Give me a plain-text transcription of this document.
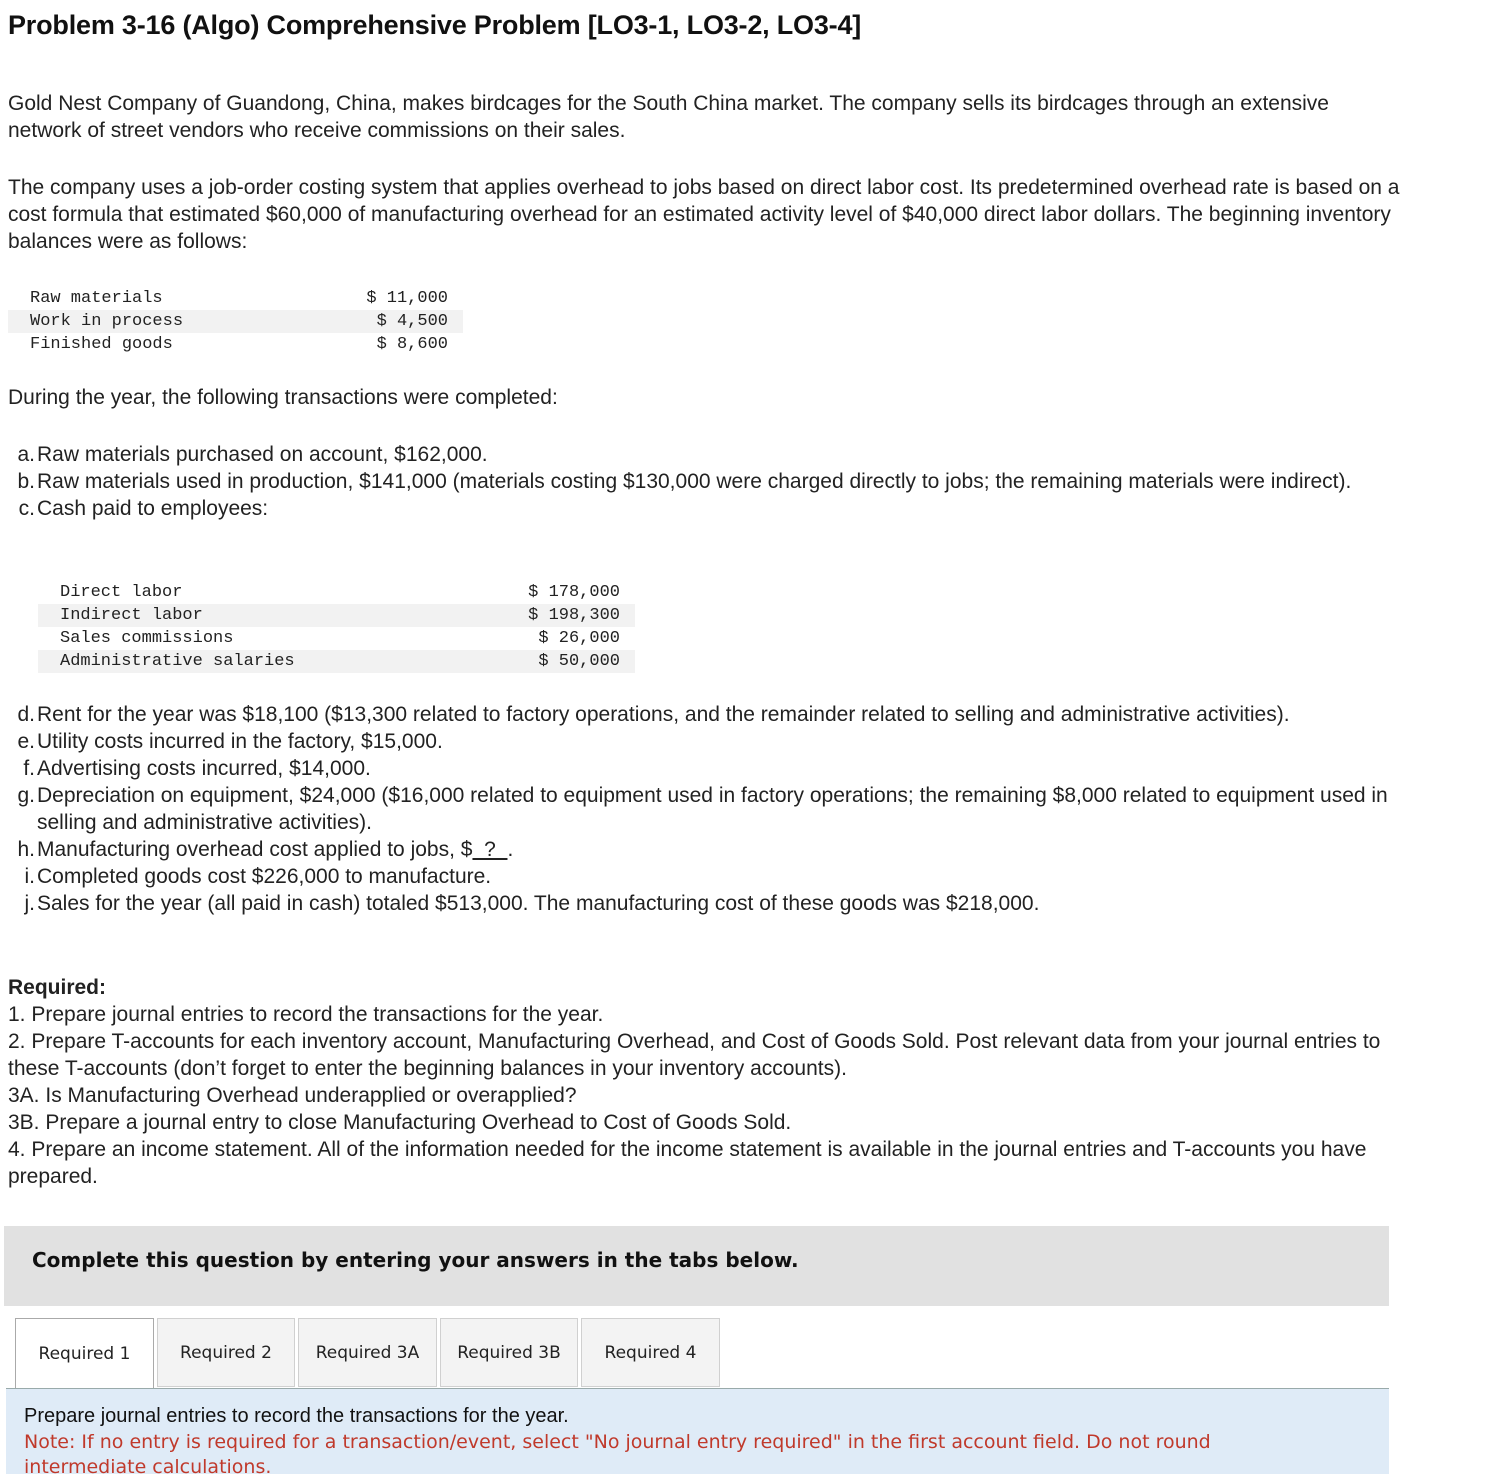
Problem 3-16 (Algo) Comprehensive Problem [LO3-1, LO3-2, LO3-4]

Gold Nest Company of Guandong, China, makes birdcages for the South China market. The company sells its birdcages through an extensive network of street vendors who receive commissions on their sales.

The company uses a job-order costing system that applies overhead to jobs based on direct labor cost. Its predetermined overhead rate is based on a cost formula that estimated $60,000 of manufacturing overhead for an estimated activity level of $40,000 direct labor dollars. The beginning inventory balances were as follows:

Raw materials	$ 11,000
Work in process	$ 4,500
Finished goods	$ 8,600

During the year, the following transactions were completed:

a. Raw materials purchased on account, $162,000.
b. Raw materials used in production, $141,000 (materials costing $130,000 were charged directly to jobs; the remaining materials were indirect).
c. Cash paid to employees:
Direct labor	$ 178,000
Indirect labor	$ 198,300
Sales commissions	$ 26,000
Administrative salaries	$ 50,000
d. Rent for the year was $18,100 ($13,300 related to factory operations, and the remainder related to selling and administrative activities).
e. Utility costs incurred in the factory, $15,000.
f. Advertising costs incurred, $14,000.
g. Depreciation on equipment, $24,000 ($16,000 related to equipment used in factory operations; the remaining $8,000 related to equipment used in selling and administrative activities).
h. Manufacturing overhead cost applied to jobs, $  ?  .
i. Completed goods cost $226,000 to manufacture.
j. Sales for the year (all paid in cash) totaled $513,000. The manufacturing cost of these goods was $218,000.
Required:
1. Prepare journal entries to record the transactions for the year.
2. Prepare T-accounts for each inventory account, Manufacturing Overhead, and Cost of Goods Sold. Post relevant data from your journal entries to these T-accounts (don’t forget to enter the beginning balances in your inventory accounts).
3A. Is Manufacturing Overhead underapplied or overapplied?
3B. Prepare a journal entry to close Manufacturing Overhead to Cost of Goods Sold.
4. Prepare an income statement. All of the information needed for the income statement is available in the journal entries and T-accounts you have prepared.
Complete this question by entering your answers in the tabs below.
Required 1	Required 2	Required 3A	Required 3B	Required 4
Prepare journal entries to record the transactions for the year.
Note: If no entry is required for a transaction/event, select "No journal entry required" in the first account field. Do not round intermediate calculations.
